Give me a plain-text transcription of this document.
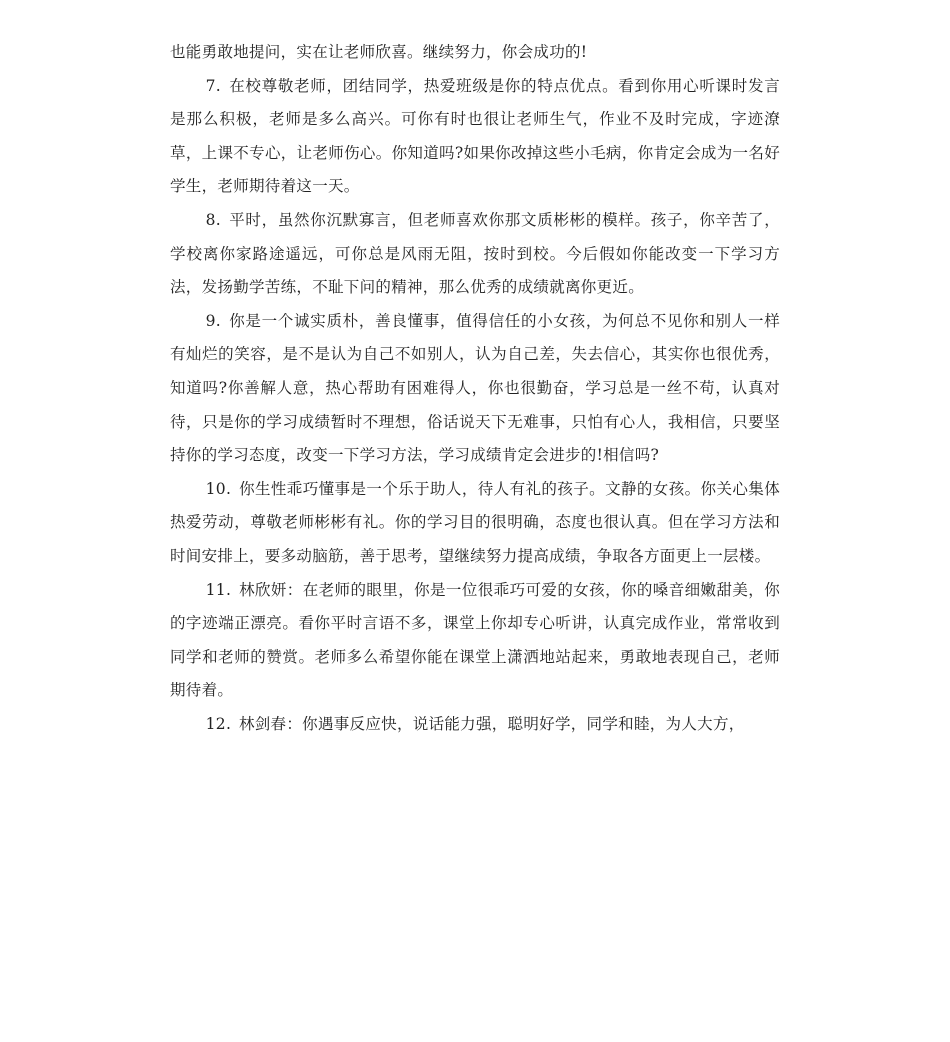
也能勇敢地提问，实在让老师欣喜。继续努力，你会成功的!

7. 在校尊敬老师，团结同学，热爱班级是你的特点优点。看到你用心听课时发言是那么积极，老师是多么高兴。可你有时也很让老师生气，作业不及时完成，字迹潦草，上课不专心，让老师伤心。你知道吗?如果你改掉这些小毛病，你肯定会成为一名好学生，老师期待着这一天。

8. 平时，虽然你沉默寡言，但老师喜欢你那文质彬彬的模样。孩子，你辛苦了，学校离你家路途遥远，可你总是风雨无阻，按时到校。今后假如你能改变一下学习方法，发扬勤学苦练，不耻下问的精神，那么优秀的成绩就离你更近。

9. 你是一个诚实质朴，善良懂事，值得信任的小女孩，为何总不见你和别人一样有灿烂的笑容，是不是认为自己不如别人，认为自己差，失去信心，其实你也很优秀，知道吗?你善解人意，热心帮助有困难得人，你也很勤奋，学习总是一丝不苟，认真对待，只是你的学习成绩暂时不理想，俗话说天下无难事，只怕有心人，我相信，只要坚持你的学习态度，改变一下学习方法，学习成绩肯定会进步的!相信吗?

10. 你生性乖巧懂事是一个乐于助人，待人有礼的孩子。文静的女孩。你关心集体热爱劳动，尊敬老师彬彬有礼。你的学习目的很明确，态度也很认真。但在学习方法和时间安排上，要多动脑筋，善于思考，望继续努力提高成绩，争取各方面更上一层楼。

11. 林欣妍：在老师的眼里，你是一位很乖巧可爱的女孩，你的嗓音细嫩甜美，你的字迹端正漂亮。看你平时言语不多，课堂上你却专心听讲，认真完成作业，常常收到同学和老师的赞赏。老师多么希望你能在课堂上潇洒地站起来，勇敢地表现自己，老师期待着。

12. 林剑春：你遇事反应快，说话能力强，聪明好学，同学和睦，为人大方，
